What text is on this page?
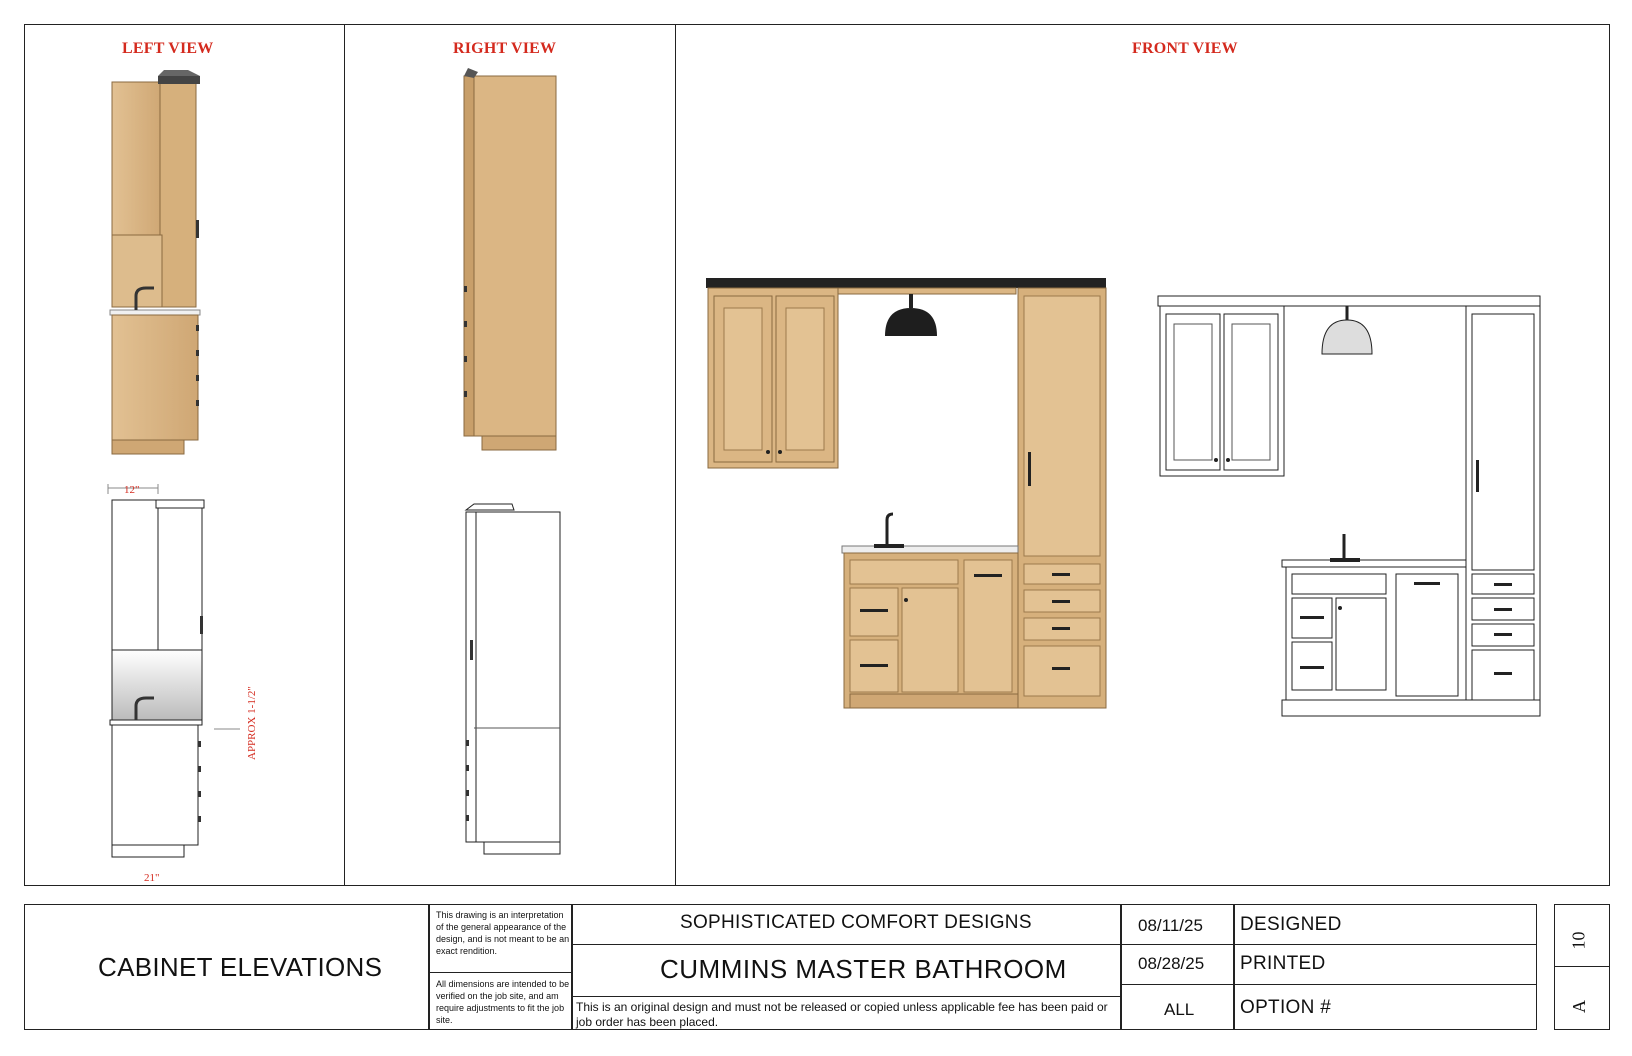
LEFT VIEW	RIGHT VIEW	FRONT VIEW
12"
21"
APPROX 1-1/2"
CABINET ELEVATIONS
This drawing is an interpretation of the general appearance of the design, and is not meant to be an exact rendition.
All dimensions are intended to be verified on the job site, and am require adjustments to fit the job site.
SOPHISTICATED COMFORT DESIGNS
CUMMINS MASTER BATHROOM
This is an original design and must not be released or copied unless applicable fee has been paid or job order has been placed.
08/11/25 DESIGNED
08/28/25 PRINTED
ALL OPTION #
10
A
